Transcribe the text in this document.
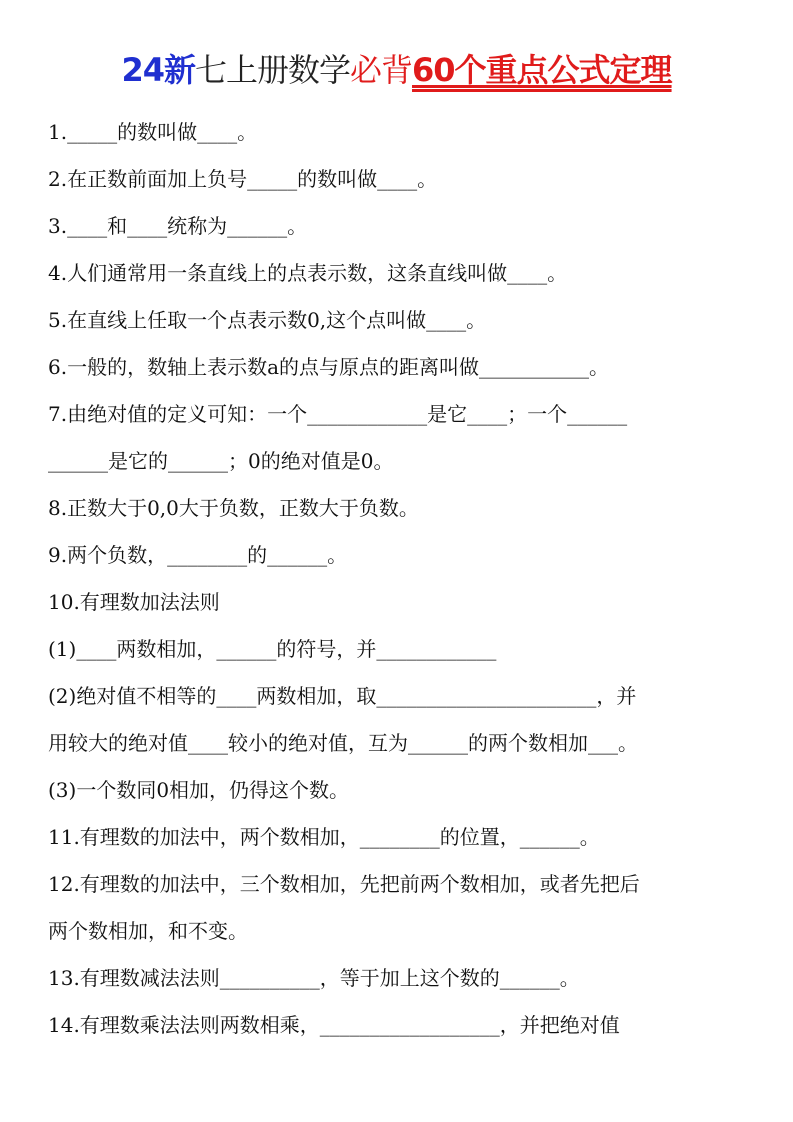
24新七上册数学必背60个重点公式定理
1._____的数叫做____。
2.在正数前面加上负号_____的数叫做____。
3.____和____统称为______。
4.人们通常用一条直线上的点表示数，这条直线叫做____。
5.在直线上任取一个点表示数0,这个点叫做____。
6.一般的，数轴上表示数a的点与原点的距离叫做___________。
7.由绝对值的定义可知：一个____________是它____；一个______
______是它的______；0的绝对值是0。
8.正数大于0,0大于负数，正数大于负数。
9.两个负数，________的______。
10.有理数加法法则
(1)____两数相加，______的符号，并____________
(2)绝对值不相等的____两数相加，取______________________，并
用较大的绝对值____较小的绝对值，互为______的两个数相加___。
(3)一个数同0相加，仍得这个数。
11.有理数的加法中，两个数相加，________的位置，______。
12.有理数的加法中，三个数相加，先把前两个数相加，或者先把后
两个数相加，和不变。
13.有理数减法法则__________，等于加上这个数的______。
14.有理数乘法法则两数相乘，__________________，并把绝对值
